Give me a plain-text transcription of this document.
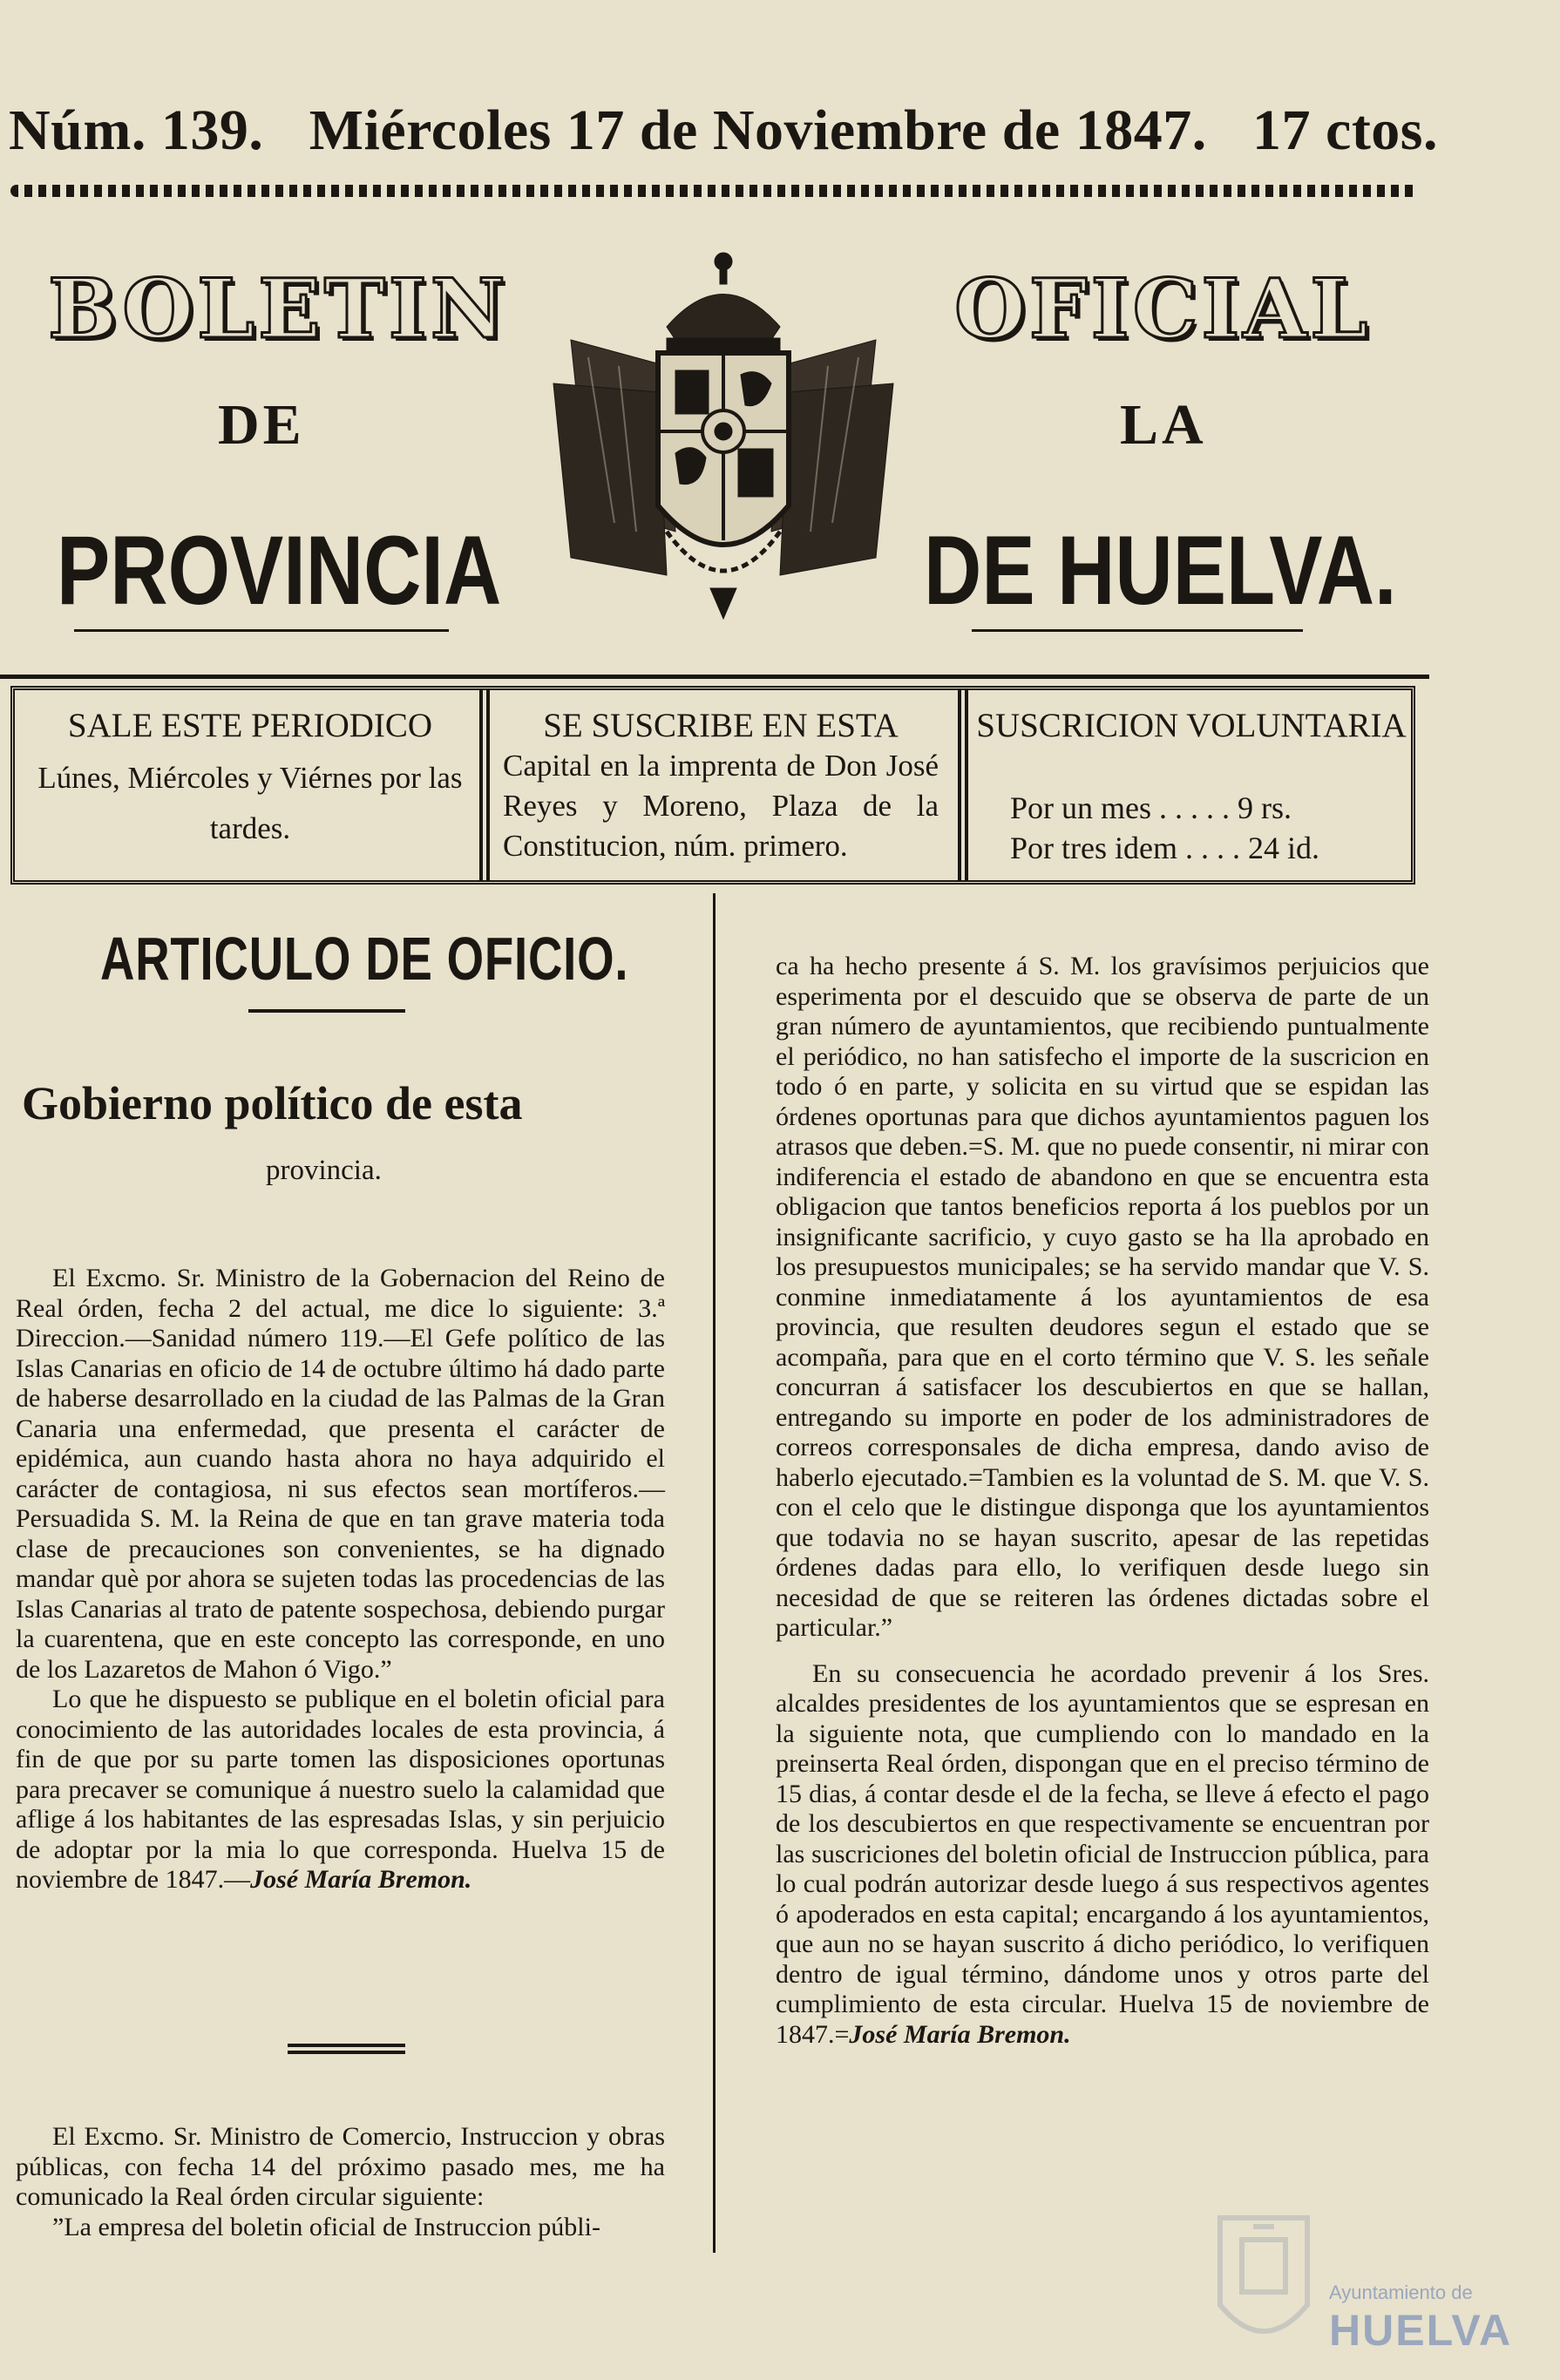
Núm. 139. Miércoles 17 de Noviembre de 1847. 17 ctos.
BOLETIN	OFICIAL
DE	LA
PROVINCIA	DE HUELVA.
SALE ESTE PERIODICO
Lúnes, Miércoles y Viérnes por las tardes.
SE SUSCRIBE EN ESTA
Capital en la imprenta de Don José Reyes y Moreno, Plaza de la Constitucion, núm. primero.
SUSCRICION VOLUNTARIA
Por un mes . . . . . 9 rs.
Por tres idem . . . . 24 id.
ARTICULO DE OFICIO.
Gobierno político de esta
provincia.

El Excmo. Sr. Ministro de la Gobernacion del Reino de Real órden, fecha 2 del actual, me dice lo siguiente: 3.ª Direccion.—Sanidad número 119.—El Gefe político de las Islas Canarias en oficio de 14 de octubre último há dado parte de haberse desarrollado en la ciudad de las Palmas de la Gran Canaria una enfermedad, que presenta el carácter de epidémica, aun cuando hasta ahora no haya adquirido el carácter de contagiosa, ni sus efectos sean mortíferos.—Persuadida S. M. la Reina de que en tan grave materia toda clase de precauciones son convenientes, se ha dignado mandar què por ahora se sujeten todas las procedencias de las Islas Canarias al trato de patente sospechosa, debiendo purgar la cuarentena, que en este concepto las corresponde, en uno de los Lazaretos de Mahon ó Vigo.”

Lo que he dispuesto se publique en el boletin oficial para conocimiento de las autoridades locales de esta provincia, á fin de que por su parte tomen las disposiciones oportunas para precaver se comunique á nuestro suelo la calamidad que aflige á los habitantes de las espresadas Islas, y sin perjuicio de adoptar por la mia lo que corresponda. Huelva 15 de noviembre de 1847.—José María Bremon.

El Excmo. Sr. Ministro de Comercio, Instruccion y obras públicas, con fecha 14 del próximo pasado mes, me ha comunicado la Real órden circular siguiente:

”La empresa del boletin oficial de Instruccion públi-

ca ha hecho presente á S. M. los gravísimos perjuicios que esperimenta por el descuido que se observa de parte de un gran número de ayuntamientos, que recibiendo puntualmente el periódico, no han satisfecho el importe de la suscricion en todo ó en parte, y solicita en su virtud que se espidan las órdenes oportunas para que dichos ayuntamientos paguen los atrasos que deben.=S. M. que no puede consentir, ni mirar con indiferencia el estado de abandono en que se encuentra esta obligacion que tantos beneficios reporta á los pueblos por un insignificante sacrificio, y cuyo gasto se ha lla aprobado en los presupuestos municipales; se ha servido mandar que V. S. conmine inmediatamente á los ayuntamientos de esa provincia, que resulten deudores segun el estado que se acompaña, para que en el corto término que V. S. les señale concurran á satisfacer los descubiertos en que se hallan, entregando su importe en poder de los administradores de correos corresponsales de dicha empresa, dando aviso de haberlo ejecutado.=Tambien es la voluntad de S. M. que V. S. con el celo que le distingue disponga que los ayuntamientos que todavia no se hayan suscrito, apesar de las repetidas órdenes dadas para ello, lo verifiquen desde luego sin necesidad de que se reiteren las órdenes dictadas sobre el particular.”

En su consecuencia he acordado prevenir á los Sres. alcaldes presidentes de los ayuntamientos que se espresan en la siguiente nota, que cumpliendo con lo mandado en la preinserta Real órden, dispongan que en el preciso término de 15 dias, á contar desde el de la fecha, se lleve á efecto el pago de los descubiertos en que respectivamente se encuentran por las suscriciones del boletin oficial de Instruccion pública, para lo cual podrán autorizar desde luego á sus respectivos agentes ó apoderados en esta capital; encargando á los ayuntamientos, que aun no se hayan suscrito á dicho periódico, lo verifiquen dentro de igual término, dándome unos y otros parte del cumplimiento de esta circular. Huelva 15 de noviembre de 1847.=José María Bremon.

Ayuntamiento de
HUELVA
